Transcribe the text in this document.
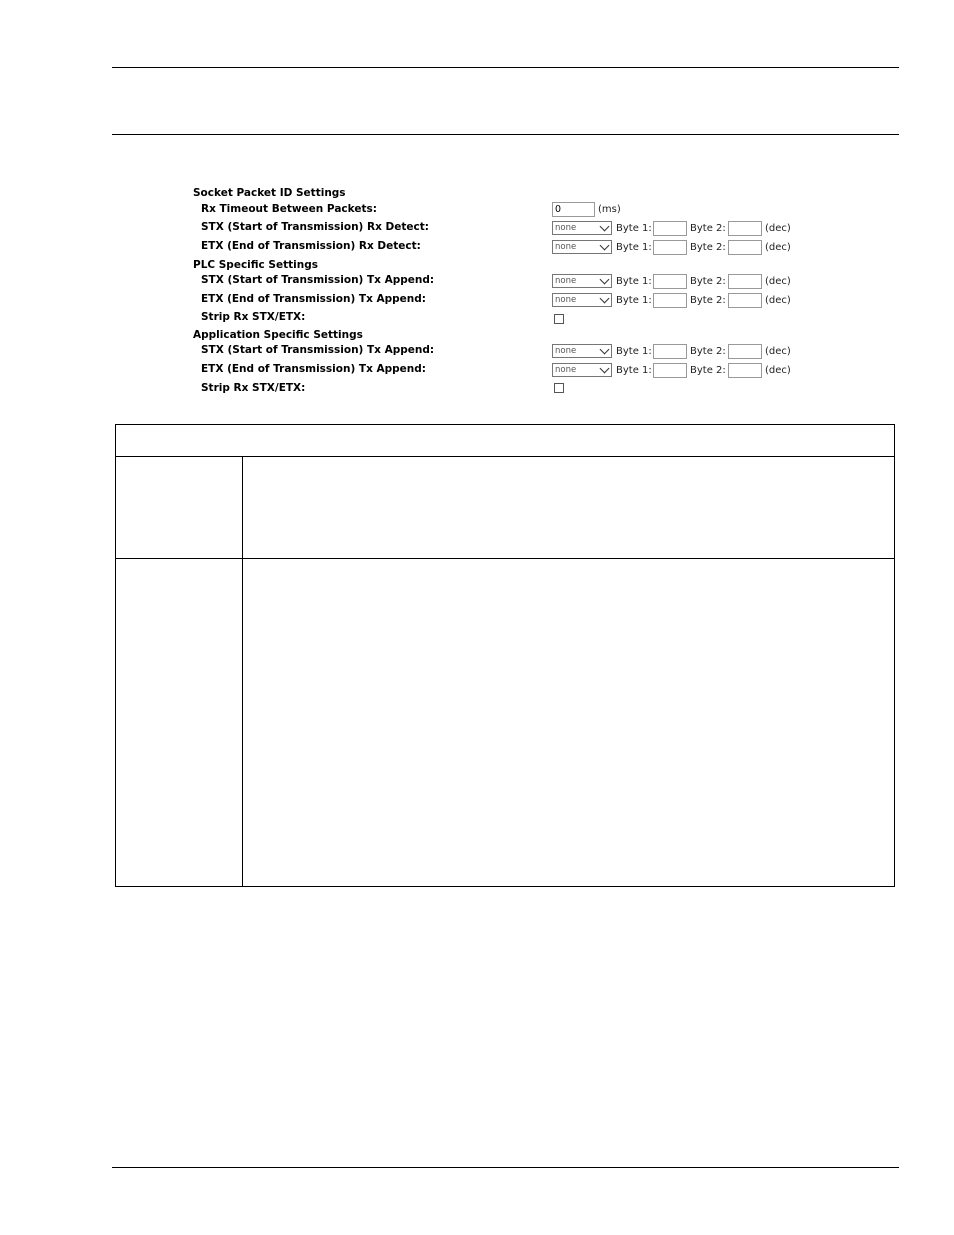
Socket Packet ID Settings
Rx Timeout Between Packets:	0	(ms)
STX (Start of Transmission) Rx Detect:	none	Byte 1:	Byte 2:	(dec)
ETX (End of Transmission) Rx Detect:	none	Byte 1:	Byte 2:	(dec)
PLC Specific Settings
STX (Start of Transmission) Tx Append:	none	Byte 1:	Byte 2:	(dec)
ETX (End of Transmission) Tx Append:	none	Byte 1:	Byte 2:	(dec)
Strip Rx STX/ETX:
Application Specific Settings
STX (Start of Transmission) Tx Append:	none	Byte 1:	Byte 2:	(dec)
ETX (End of Transmission) Tx Append:	none	Byte 1:	Byte 2:	(dec)
Strip Rx STX/ETX:
